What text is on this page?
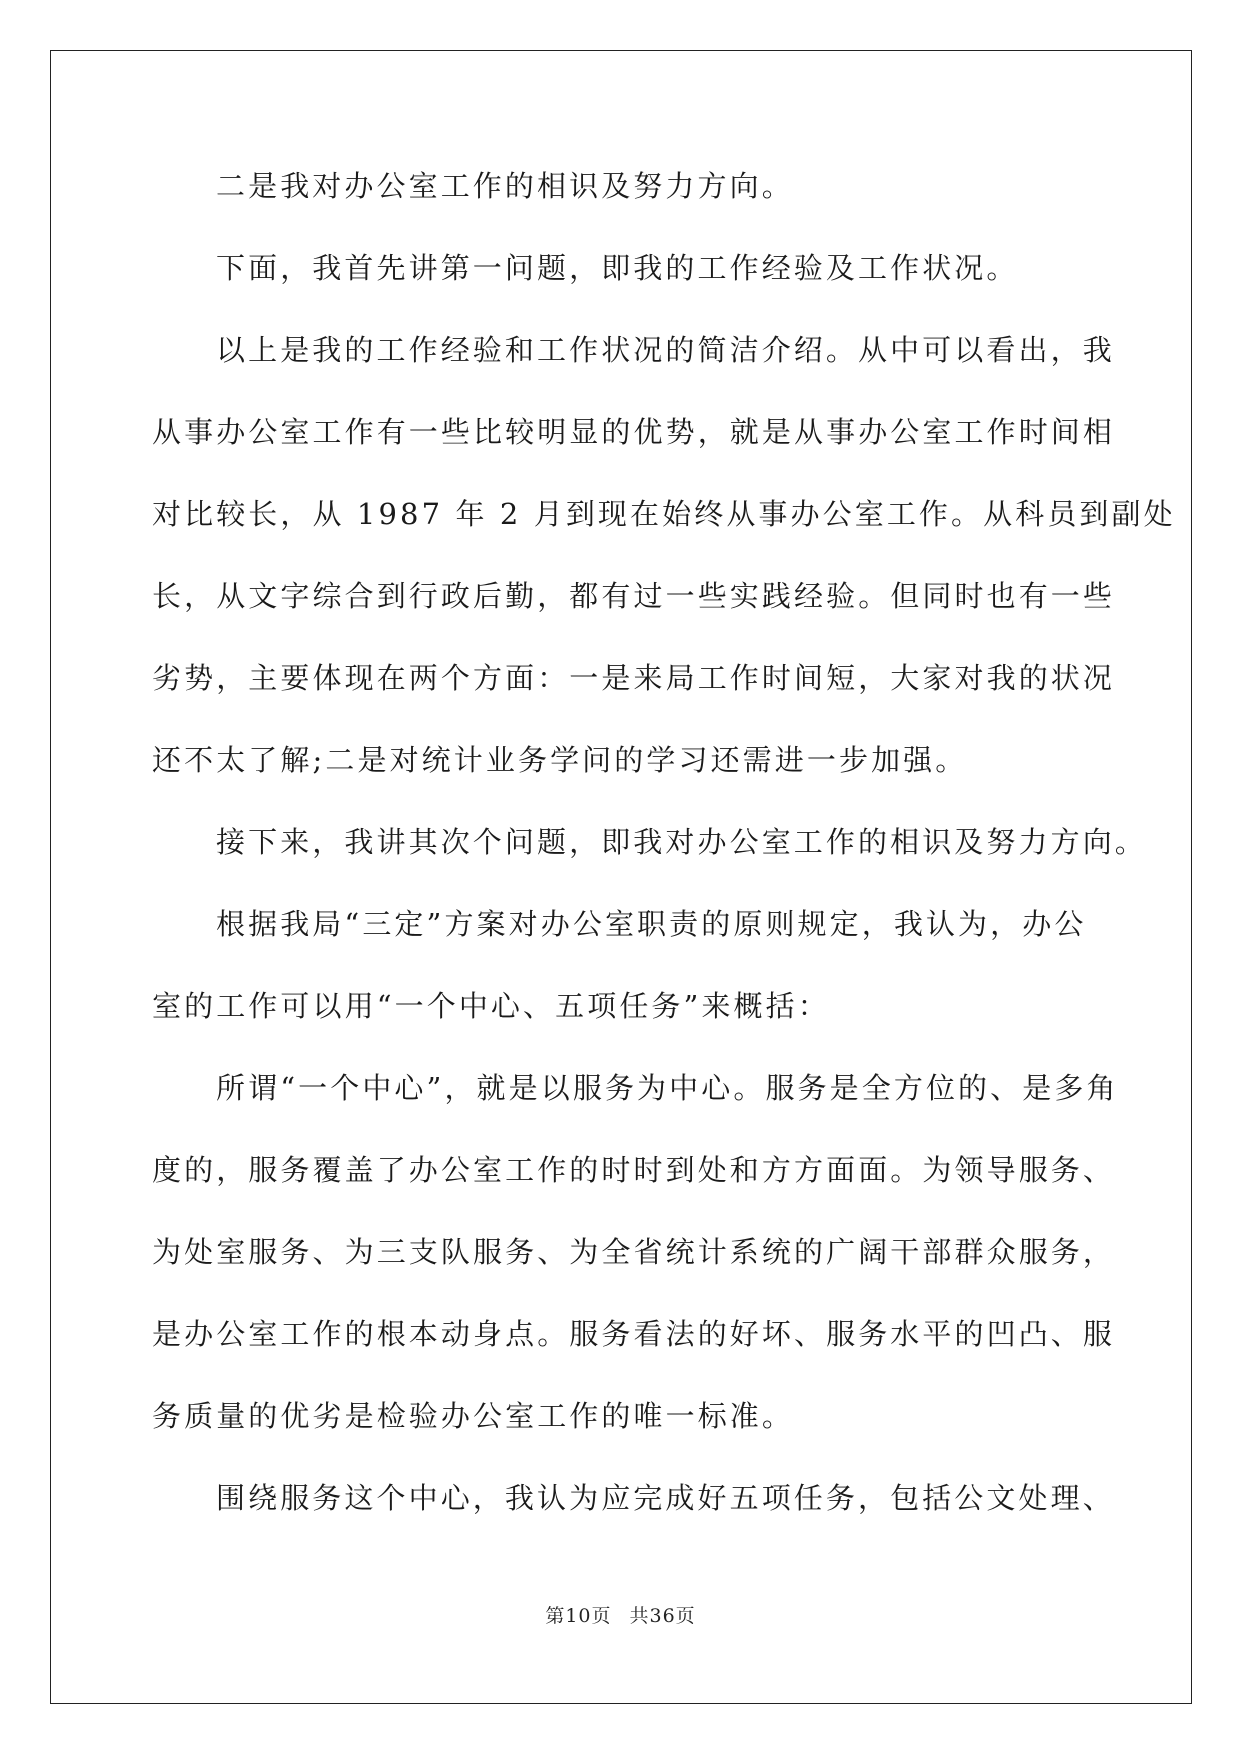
二是我对办公室工作的相识及努力方向。
下面，我首先讲第一问题，即我的工作经验及工作状况。
以上是我的工作经验和工作状况的简洁介绍。从中可以看出，我
从事办公室工作有一些比较明显的优势，就是从事办公室工作时间相
对比较长，从 1987 年 2 月到现在始终从事办公室工作。从科员到副处
长，从文字综合到行政后勤，都有过一些实践经验。但同时也有一些
劣势，主要体现在两个方面：一是来局工作时间短，大家对我的状况
还不太了解;二是对统计业务学问的学习还需进一步加强。
接下来，我讲其次个问题，即我对办公室工作的相识及努力方向。
根据我局“三定”方案对办公室职责的原则规定，我认为，办公
室的工作可以用“一个中心、五项任务”来概括：
所谓“一个中心”，就是以服务为中心。服务是全方位的、是多角
度的，服务覆盖了办公室工作的时时到处和方方面面。为领导服务、
为处室服务、为三支队服务、为全省统计系统的广阔干部群众服务，
是办公室工作的根本动身点。服务看法的好坏、服务水平的凹凸、服
务质量的优劣是检验办公室工作的唯一标准。
围绕服务这个中心，我认为应完成好五项任务，包括公文处理、
第10页 共36页
